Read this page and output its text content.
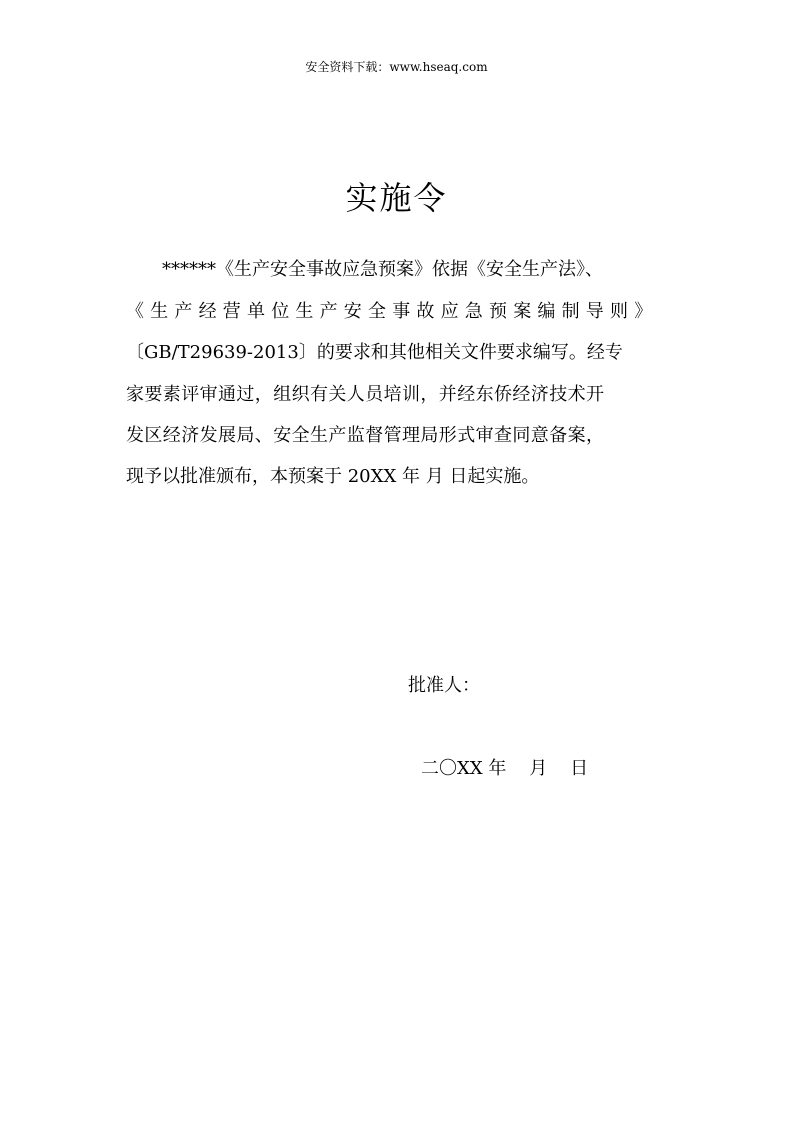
安全资料下载：www.hseaq.com
实施令
******《生产安全事故应急预案》依据《安全生产法》、
《生产经营单位生产安全事故应急预案编制导则》
〔GB/T29639-2013〕的要求和其他相关文件要求编写。经专
家要素评审通过，组织有关人员培训，并经东侨经济技术开
发区经济发展局、安全生产监督管理局形式审查同意备案，
现予以批准颁布，本预案于 20XX 年 月 日起实施。
批准人：
二〇XX 年    月    日
